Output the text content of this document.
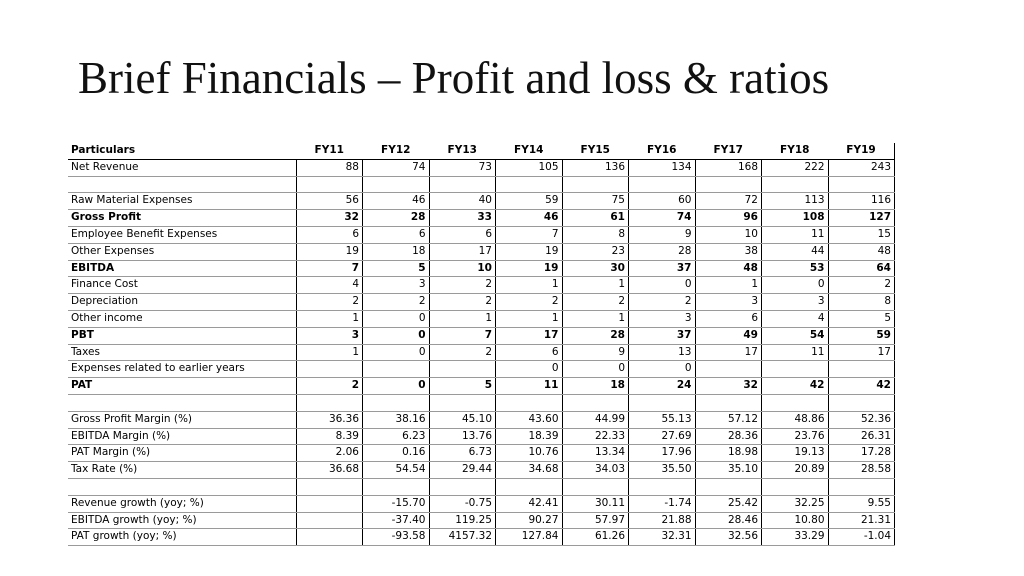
Brief Financials – Profit and loss & ratios
Particulars	FY11	FY12	FY13	FY14	FY15	FY16	FY17	FY18	FY19
Net Revenue	88	74	73	105	136	134	168	222	243

Raw Material Expenses	56	46	40	59	75	60	72	113	116
Gross Profit	32	28	33	46	61	74	96	108	127
Employee Benefit Expenses	6	6	6	7	8	9	10	11	15
Other Expenses	19	18	17	19	23	28	38	44	48
EBITDA	7	5	10	19	30	37	48	53	64
Finance Cost	4	3	2	1	1	0	1	0	2
Depreciation	2	2	2	2	2	2	3	3	8
Other income	1	0	1	1	1	3	6	4	5
PBT	3	0	7	17	28	37	49	54	59
Taxes	1	0	2	6	9	13	17	11	17
Expenses related to earlier years				0	0	0			
PAT	2	0	5	11	18	24	32	42	42

Gross Profit Margin (%)	36.36	38.16	45.10	43.60	44.99	55.13	57.12	48.86	52.36
EBITDA Margin (%)	8.39	6.23	13.76	18.39	22.33	27.69	28.36	23.76	26.31
PAT Margin (%)	2.06	0.16	6.73	10.76	13.34	17.96	18.98	19.13	17.28
Tax Rate (%)	36.68	54.54	29.44	34.68	34.03	35.50	35.10	20.89	28.58

Revenue growth (yoy; %)		-15.70	-0.75	42.41	30.11	-1.74	25.42	32.25	9.55
EBITDA growth (yoy; %)		-37.40	119.25	90.27	57.97	21.88	28.46	10.80	21.31
PAT growth (yoy; %)		-93.58	4157.32	127.84	61.26	32.31	32.56	33.29	-1.04
